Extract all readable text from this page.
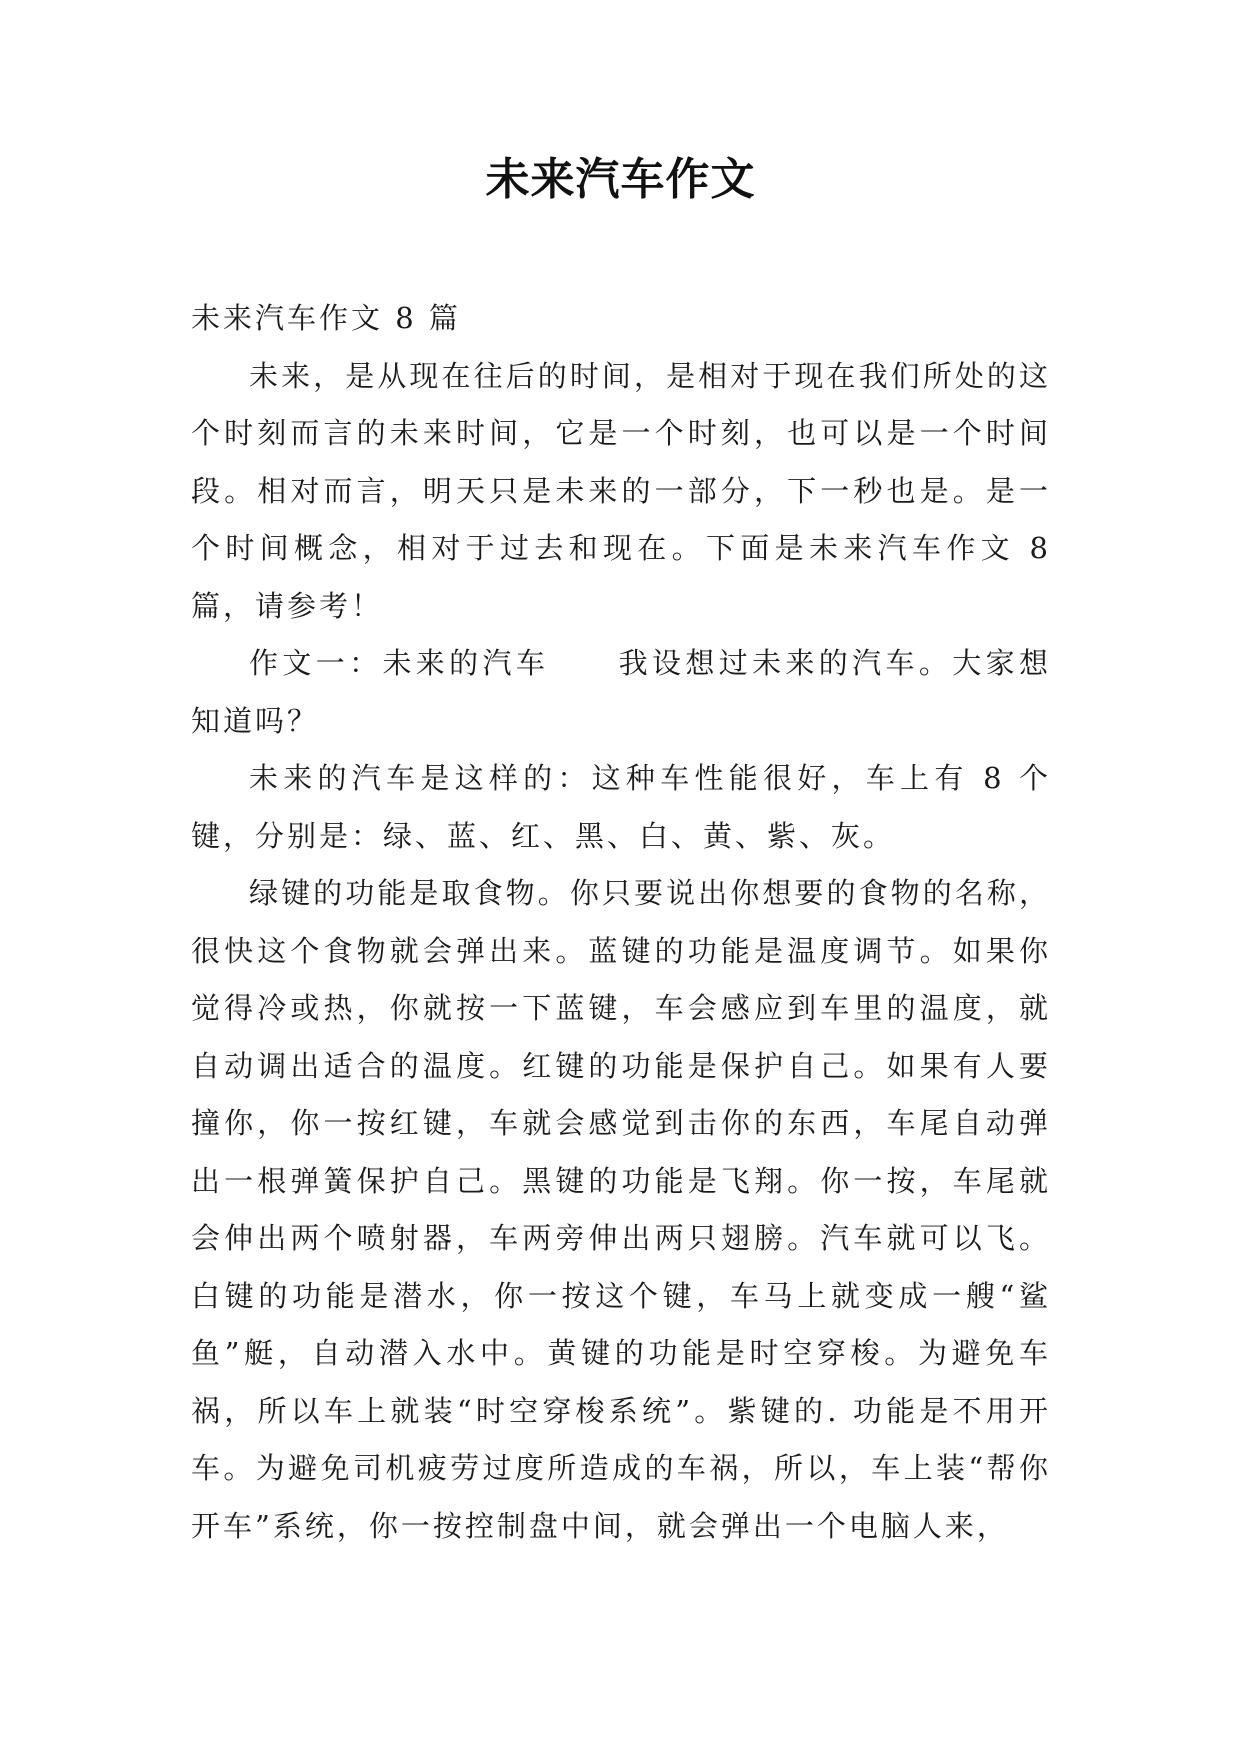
未来汽车作文

未来汽车作文 8 篇

未来，是从现在往后的时间，是相对于现在我们所处的这个时刻而言的未来时间，它是一个时刻，也可以是一个时间段。相对而言，明天只是未来的一部分，下一秒也是。是一个时间概念，相对于过去和现在。下面是未来汽车作文 8 篇，请参考！

作文一：未来的汽车 我设想过未来的汽车。大家想知道吗？

未来的汽车是这样的：这种车性能很好，车上有 8 个键，分别是：绿、蓝、红、黑、白、黄、紫、灰。

绿键的功能是取食物。你只要说出你想要的食物的名称，很快这个食物就会弹出来。蓝键的功能是温度调节。如果你觉得冷或热，你就按一下蓝键，车会感应到车里的温度，就自动调出适合的温度。红键的功能是保护自己。如果有人要撞你，你一按红键，车就会感觉到击你的东西，车尾自动弹出一根弹簧保护自己。黑键的功能是飞翔。你一按，车尾就会伸出两个喷射器，车两旁伸出两只翅膀。汽车就可以飞。白键的功能是潜水，你一按这个键，车马上就变成一艘“鲨鱼”艇，自动潜入水中。黄键的功能是时空穿梭。为避免车祸，所以车上就装“时空穿梭系统”。紫键的. 功能是不用开车。为避免司机疲劳过度所造成的车祸，所以，车上装“帮你开车”系统，你一按控制盘中间，就会弹出一个电脑人来，
